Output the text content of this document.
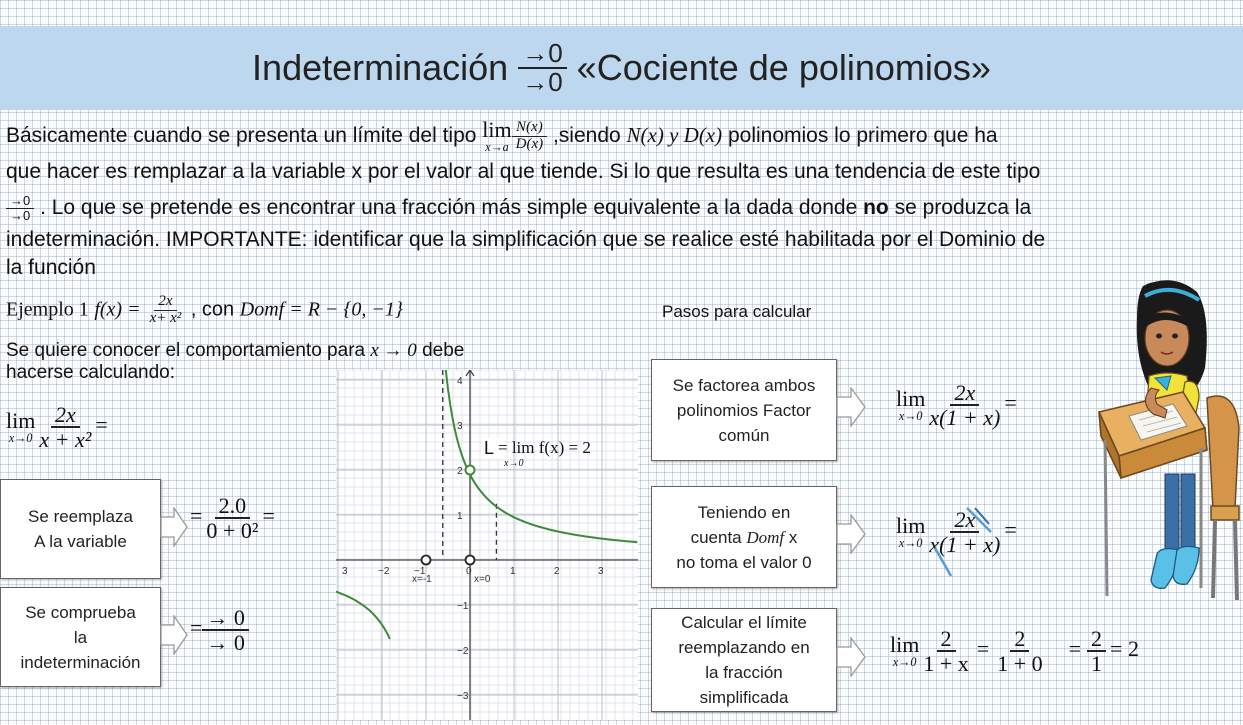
Indeterminación $\frac{\to 0}{\to 0}$ «Cociente de polinomios»
Básicamente cuando se presenta un límite del tipo lim
$x\to a \frac{N(x)}{D(x)}$ ,siendo N(x) y D(x) polinomios lo primero que ha
que hacer es remplazar a la variable x por el valor al que tiende. Si lo que resulta es una tendencia de este tipo
$\frac{\to 0}{\to 0}$ . Lo que se pretende es encontrar una fracción más simple equivalente a la dada donde no se produzca la
indeterminación. IMPORTANTE: identificar que la simplificación que se realice esté habilitada por el Dominio de
la función
Ejemplo 1 $f(x) = \frac{2x}{\text{x+ x²}}$ , con Domf = R − {0, −1}	Pasos para calcular
Se quiere conocer el comportamiento para x → 0 debe
hacerse calculando:
lim
$x\to 0 \frac{2x}{\text{x + x²}}$ =
Se reemplaza
A la variable
= $\frac{2.0}{\text{0 + 0²}}$ =
Se comprueba
la
indeterminación
= $\frac{\to 0}{\to 0}$
3	−2	0	1	2	3
4
3
2
1
−1
−2
−3
−1
x=-1	x=0
L = lim f(x) = 2
x→0
Se factorea ambos
polinomios Factor
común
lim
$x\to 0 \frac{2x}{x(1 + x)}$ =
Teniendo en
cuenta Domf x
no toma el valor 0
lim
$x\to 0 \frac{2x}{x(1 + x)}$ =
Calcular el límite
reemplazando en
la fracción
simplificada
lim
$x\to 0 \frac{2}{1 + x} = \frac{2}{1 + 0} = \frac{2}{1} = 2$
